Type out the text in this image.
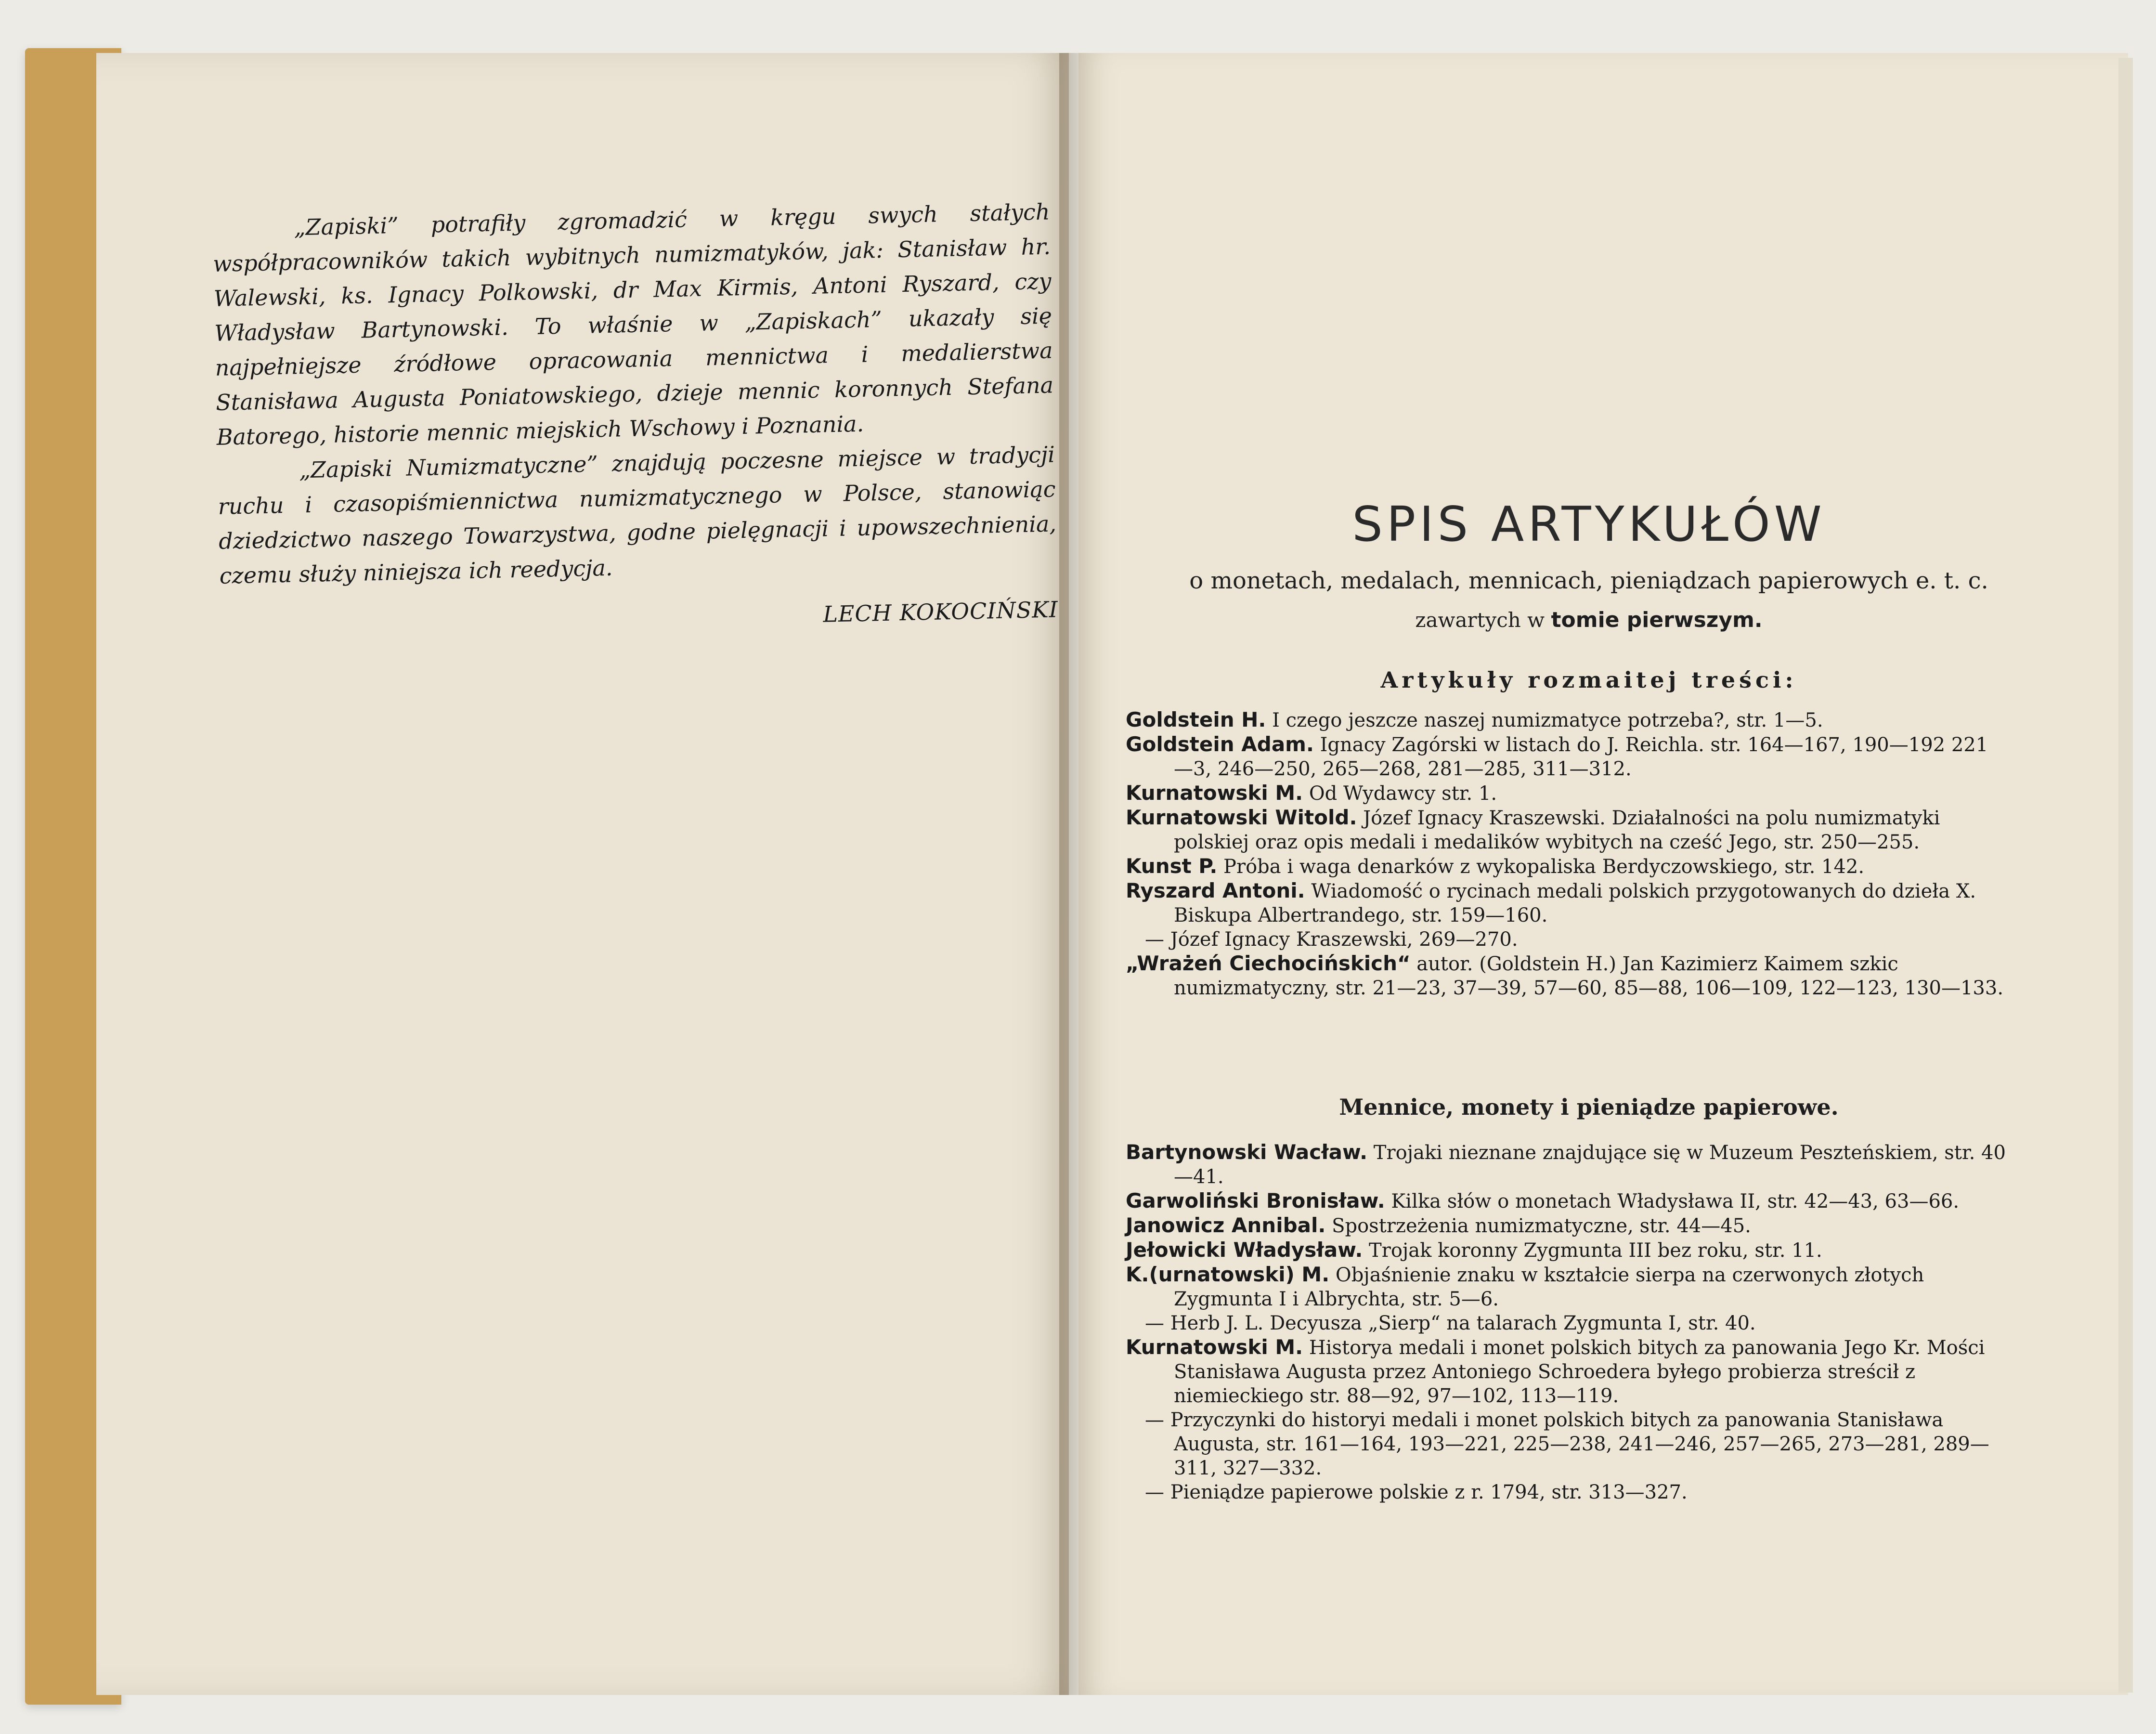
„Zapiski” potrafiły zgromadzić w kręgu swych stałych współpracowników takich wybitnych numizmatyków, jak: Stanisław hr. Walewski, ks. Ignacy Polkowski, dr Max Kirmis, Antoni Ryszard, czy Władysław Bartynowski. To właśnie w „Zapiskach” ukazały się najpełniejsze źródłowe opracowania mennictwa i medalierstwa Stanisława Augusta Poniatowskiego, dzieje mennic koronnych Stefana Batorego, historie mennic miejskich Wschowy i Poznania.

„Zapiski Numizmatyczne” znajdują poczesne miejsce w tradycji ruchu i czasopiśmiennictwa numizmatycznego w Polsce, stanowiąc dziedzictwo naszego Towarzystwa, godne pielęgnacji i upowszechnienia, czemu służy niniejsza ich reedycja.

LECH KOKOCIŃSKI
SPIS ARTYKUŁÓW
o monetach, medalach, mennicach, pieniądzach papierowych e. t. c.
zawartych w tomie pierwszym.
Artykuły rozmaitej treści:

Goldstein H. I czego jeszcze naszej numizmatyce potrzeba?, str. 1—5.

Goldstein Adam. Ignacy Zagórski w listach do J. Reichla. str. 164—167, 190—192 221—3, 246—250, 265—268, 281—285, 311—312.

Kurnatowski M. Od Wydawcy str. 1.

Kurnatowski Witold. Józef Ignacy Kraszewski. Działalności na polu numizmatyki polskiej oraz opis medali i medalików wybitych na cześć Jego, str. 250—255.

Kunst P. Próba i waga denarków z wykopaliska Berdyczowskiego, str. 142.

Ryszard Antoni. Wiadomość o rycinach medali polskich przygotowanych do dzieła X. Biskupa Albertrandego, str. 159—160.

— Józef Ignacy Kraszewski, 269—270.

„Wrażeń Ciechocińskich“ autor. (Goldstein H.) Jan Kazimierz Kaimem szkic numizmatyczny, str. 21—23, 37—39, 57—60, 85—88, 106—109, 122—123, 130—133.

Mennice, monety i pieniądze papierowe.

Bartynowski Wacław. Trojaki nieznane znajdujące się w Muzeum Peszteńskiem, str. 40—41.

Garwoliński Bronisław. Kilka słów o monetach Władysława II, str. 42—43, 63—66.

Janowicz Annibal. Spostrzeżenia numizmatyczne, str. 44—45.

Jełowicki Władysław. Trojak koronny Zygmunta III bez roku, str. 11.

K.(urnatowski) M. Objaśnienie znaku w kształcie sierpa na czerwonych złotych Zygmunta I i Albrychta, str. 5—6.

— Herb J. L. Decyusza „Sierp“ na talarach Zygmunta I, str. 40.

Kurnatowski M. Historya medali i monet polskich bitych za panowania Jego Kr. Mości Stanisława Augusta przez Antoniego Schroedera byłego probierza streścił z niemieckiego str. 88—92, 97—102, 113—119.

— Przyczynki do historyi medali i monet polskich bitych za panowania Stanisława Augusta, str. 161—164, 193—221, 225—238, 241—246, 257—265, 273—281, 289—311, 327—332.

— Pieniądze papierowe polskie z r. 1794, str. 313—327.
